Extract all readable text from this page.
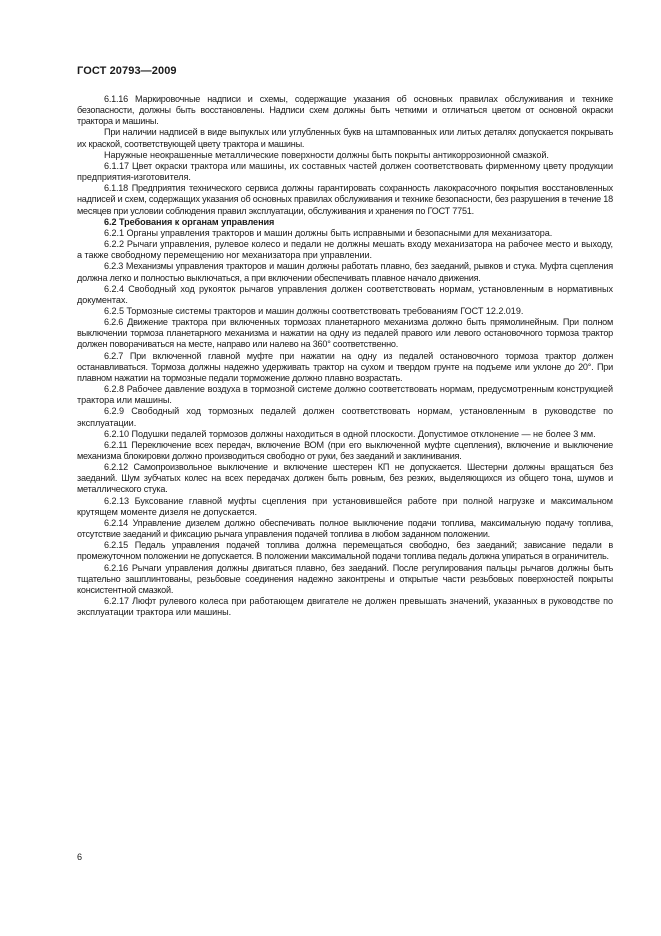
ГОСТ 20793—2009

6.1.16 Маркировочные надписи и схемы, содержащие указания об основных правилах обслуживания и технике безопасности, должны быть восстановлены. Надписи схем должны быть четкими и отличаться цветом от основной окраски трактора и машины.

При наличии надписей в виде выпуклых или углубленных букв на штампованных или литых деталях допускается покрывать их краской, соответствующей цвету трактора и машины.

Наружные неокрашенные металлические поверхности должны быть покрыты антикоррозионной смазкой.

6.1.17 Цвет окраски трактора или машины, их составных частей должен соответствовать фирменному цвету продукции предприятия-изготовителя.

6.1.18 Предприятия технического сервиса должны гарантировать сохранность лакокрасочного покрытия восстановленных надписей и схем, содержащих указания об основных правилах обслуживания и технике безопасности, без разрушения в течение 18 месяцев при условии соблюдения правил эксплуатации, обслуживания и хранения по ГОСТ 7751.

6.2 Требования к органам управления

6.2.1 Органы управления тракторов и машин должны быть исправными и безопасными для механизатора.

6.2.2 Рычаги управления, рулевое колесо и педали не должны мешать входу механизатора на рабочее место и выходу, а также свободному перемещению ног механизатора при управлении.

6.2.3 Механизмы управления тракторов и машин должны работать плавно, без заеданий, рывков и стука. Муфта сцепления должна легко и полностью выключаться, а при включении обеспечивать плавное начало движения.

6.2.4 Свободный ход рукояток рычагов управления должен соответствовать нормам, установленным в нормативных документах.

6.2.5 Тормозные системы тракторов и машин должны соответствовать требованиям ГОСТ 12.2.019.

6.2.6 Движение трактора при включенных тормозах планетарного механизма должно быть прямолинейным. При полном выключении тормоза планетарного механизма и нажатии на одну из педалей правого или левого остановочного тормоза трактор должен поворачиваться на месте, направо или налево на 360° соответственно.

6.2.7 При включенной главной муфте при нажатии на одну из педалей остановочного тормоза трактор должен останавливаться. Тормоза должны надежно удерживать трактор на сухом и твердом грунте на подъеме или уклоне до 20°. При плавном нажатии на тормозные педали торможение должно плавно возрастать.

6.2.8 Рабочее давление воздуха в тормозной системе должно соответствовать нормам, предусмотренным конструкцией трактора или машины.

6.2.9 Свободный ход тормозных педалей должен соответствовать нормам, установленным в руководстве по эксплуатации.

6.2.10 Подушки педалей тормозов должны находиться в одной плоскости. Допустимое отклонение — не более 3 мм.

6.2.11 Переключение всех передач, включение ВОМ (при его выключенной муфте сцепления), включение и выключение механизма блокировки должно производиться свободно от руки, без заеданий и заклинивания.

6.2.12 Самопроизвольное выключение и включение шестерен КП не допускается. Шестерни должны вращаться без заеданий. Шум зубчатых колес на всех передачах должен быть ровным, без резких, выделяющихся из общего тона, шумов и металлического стука.

6.2.13 Буксование главной муфты сцепления при установившейся работе при полной нагрузке и максимальном крутящем моменте дизеля не допускается.

6.2.14 Управление дизелем должно обеспечивать полное выключение подачи топлива, максимальную подачу топлива, отсутствие заеданий и фиксацию рычага управления подачей топлива в любом заданном положении.

6.2.15 Педаль управления подачей топлива должна перемещаться свободно, без заеданий; зависание педали в промежуточном положении не допускается. В положении максимальной подачи топлива педаль должна упираться в ограничитель.

6.2.16 Рычаги управления должны двигаться плавно, без заеданий. После регулирования пальцы рычагов должны быть тщательно зашплинтованы, резьбовые соединения надежно законтрены и открытые части резьбовых поверхностей покрыты консистентной смазкой.

6.2.17 Люфт рулевого колеса при работающем двигателе не должен превышать значений, указанных в руководстве по эксплуатации трактора или машины.

6
